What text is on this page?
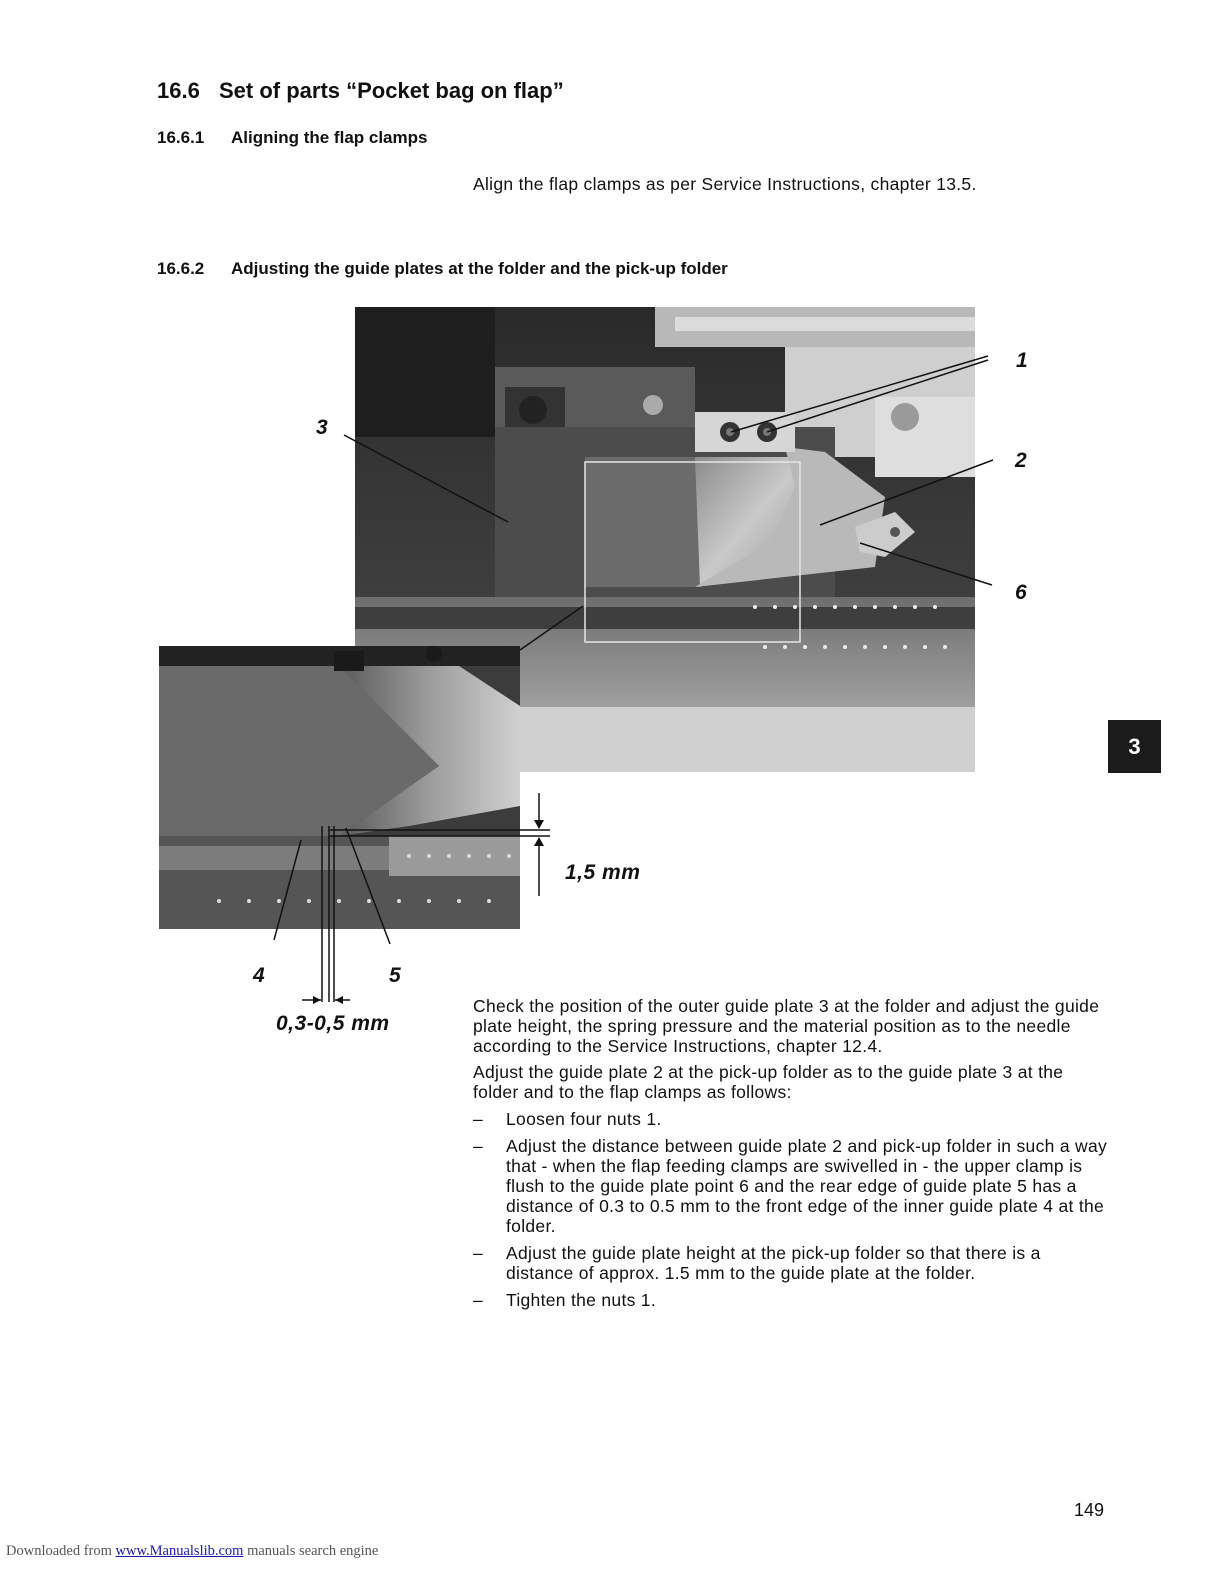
16.6 Set of parts “Pocket bag on flap”
16.6.1 Aligning the flap clamps
Align the flap clamps as per Service Instructions, chapter 13.5.
16.6.2 Adjusting the guide plates at the folder and the pick-up folder
1
2
3
4	5
6
1,5 mm
0,3-0,5 mm

Check the position of the outer guide plate 3 at the folder and adjust the guide plate height, the spring pressure and the material position as to the needle according to the Service Instructions, chapter 12.4.

Adjust the guide plate 2 at the pick-up folder as to the guide plate 3 at the folder and to the flap clamps as follows:

– Loosen four nuts 1.
– Adjust the distance between guide plate 2 and pick-up folder in such a way that - when the flap feeding clamps are swivelled in - the upper clamp is flush to the guide plate point 6 and the rear edge of guide plate 5 has a distance of 0.3 to 0.5 mm to the front edge of the inner guide plate 4 at the folder.
– Adjust the guide plate height at the pick-up folder so that there is a distance of approx. 1.5 mm to the guide plate at the folder.
– Tighten the nuts 1.
3
149
Downloaded from www.Manualslib.com manuals search engine
